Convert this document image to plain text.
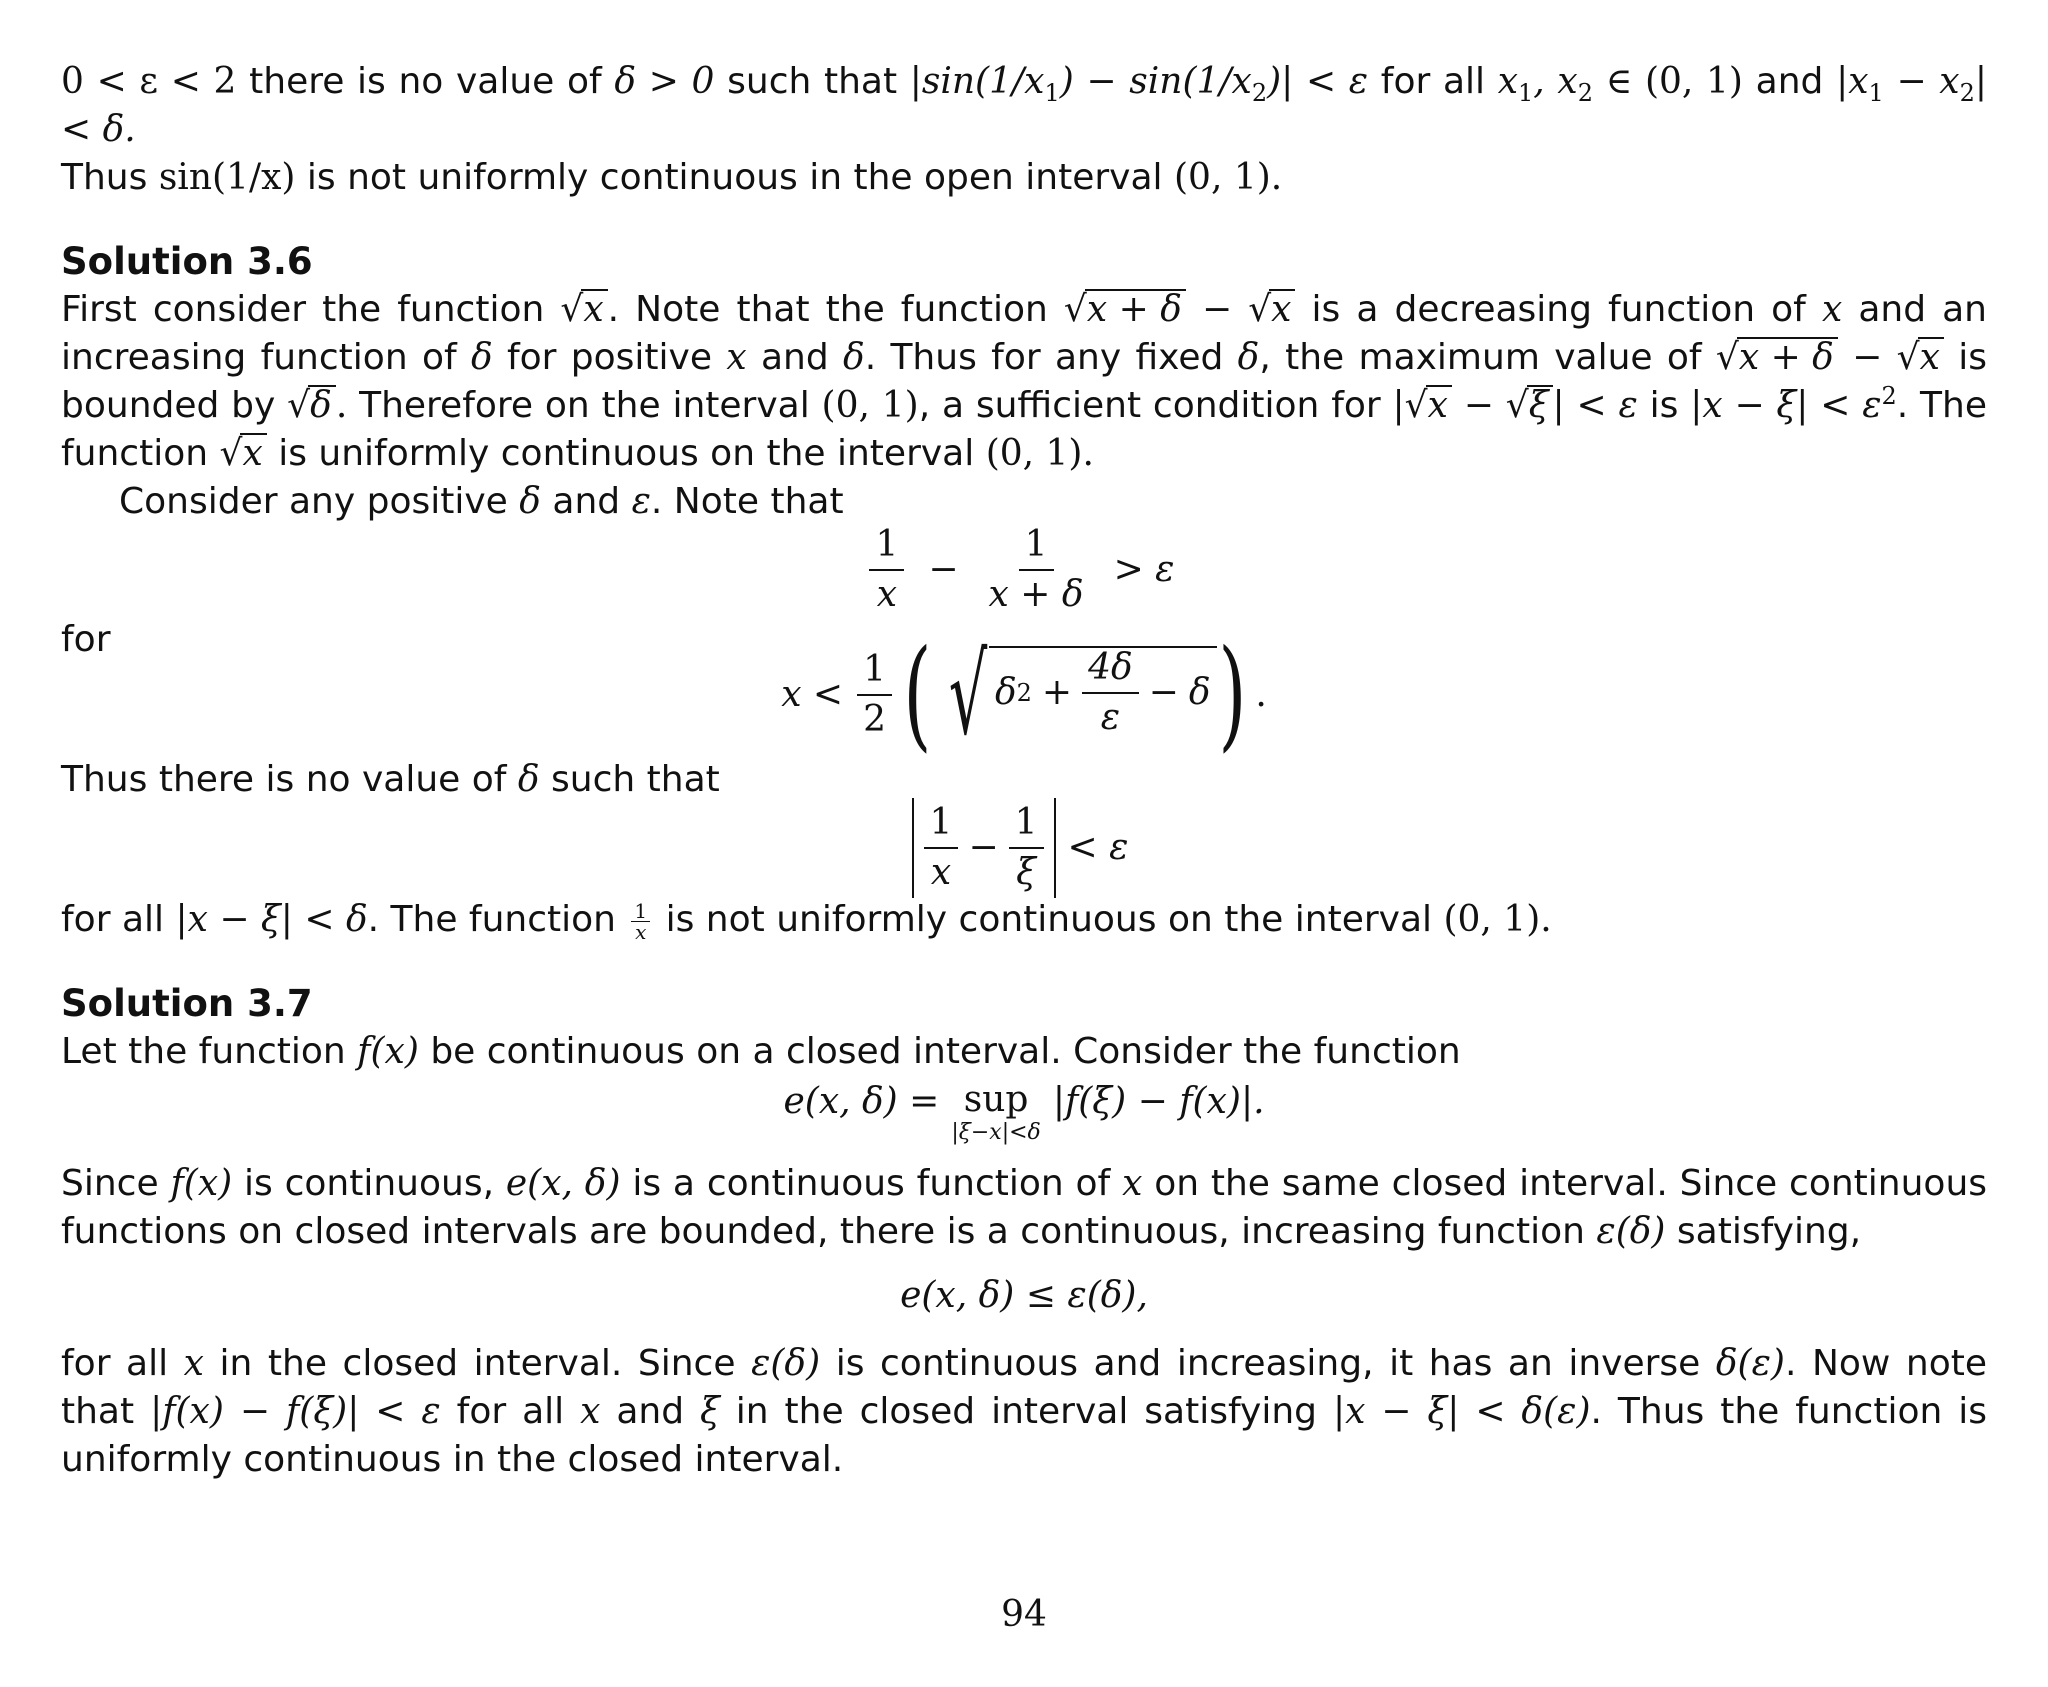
0 < ε < 2 there is no value of δ > 0 such that $|\sin(1/x_1) - \sin(1/x_2)| < \varepsilon$ for all $x_1$, $x_2$ ∈ (0, 1) and $|x_1 - x_2| < \delta$.
Thus sin(1/x) is not uniformly continuous in the open interval (0, 1).

Solution 3.6

First consider the function √x . Note that the function √x + δ − √x is a decreasing function of x and an increasing function of δ for positive x and δ. Thus for any fixed δ, the maximum value of √x + δ − √x is bounded by √δ . Therefore on the interval (0, 1), a sufficient condition for |√x − √ξ | < ε is $|x - \xi| < \varepsilon^2$. The function √x is uniformly continuous on the interval (0, 1).

Consider any positive δ and ε. Note that

$\frac{1}{x} - \frac{1}{x + \delta} > \varepsilon$

for

$x < \frac{1}{2}$ ( √ δ $2 + \frac{4\delta}{\varepsilon} - \delta$ ) .

Thus there is no value of δ such that

$\frac{1}{x} - \frac{1}{\xi} < \varepsilon$

for all |x − ξ| < δ. The function $\frac{1}{x}$ is not uniformly continuous on the interval (0, 1).

Solution 3.7

Let the function f(x) be continuous on a closed interval. Consider the function

e(x, δ) = sup
|ξ−x|<δ
|f(ξ) − f(x)|.

Since f(x) is continuous, e(x, δ) is a continuous function of x on the same closed interval. Since continuous functions on closed intervals are bounded, there is a continuous, increasing function ε(δ) satisfying,

e(x, δ) ≤ ε(δ),

for all x in the closed interval. Since ε(δ) is continuous and increasing, it has an inverse δ(ε). Now note that |f(x) − f(ξ)| < ε for all x and ξ in the closed interval satisfying |x − ξ| < δ(ε). Thus the function is uniformly continuous in the closed interval.

94
